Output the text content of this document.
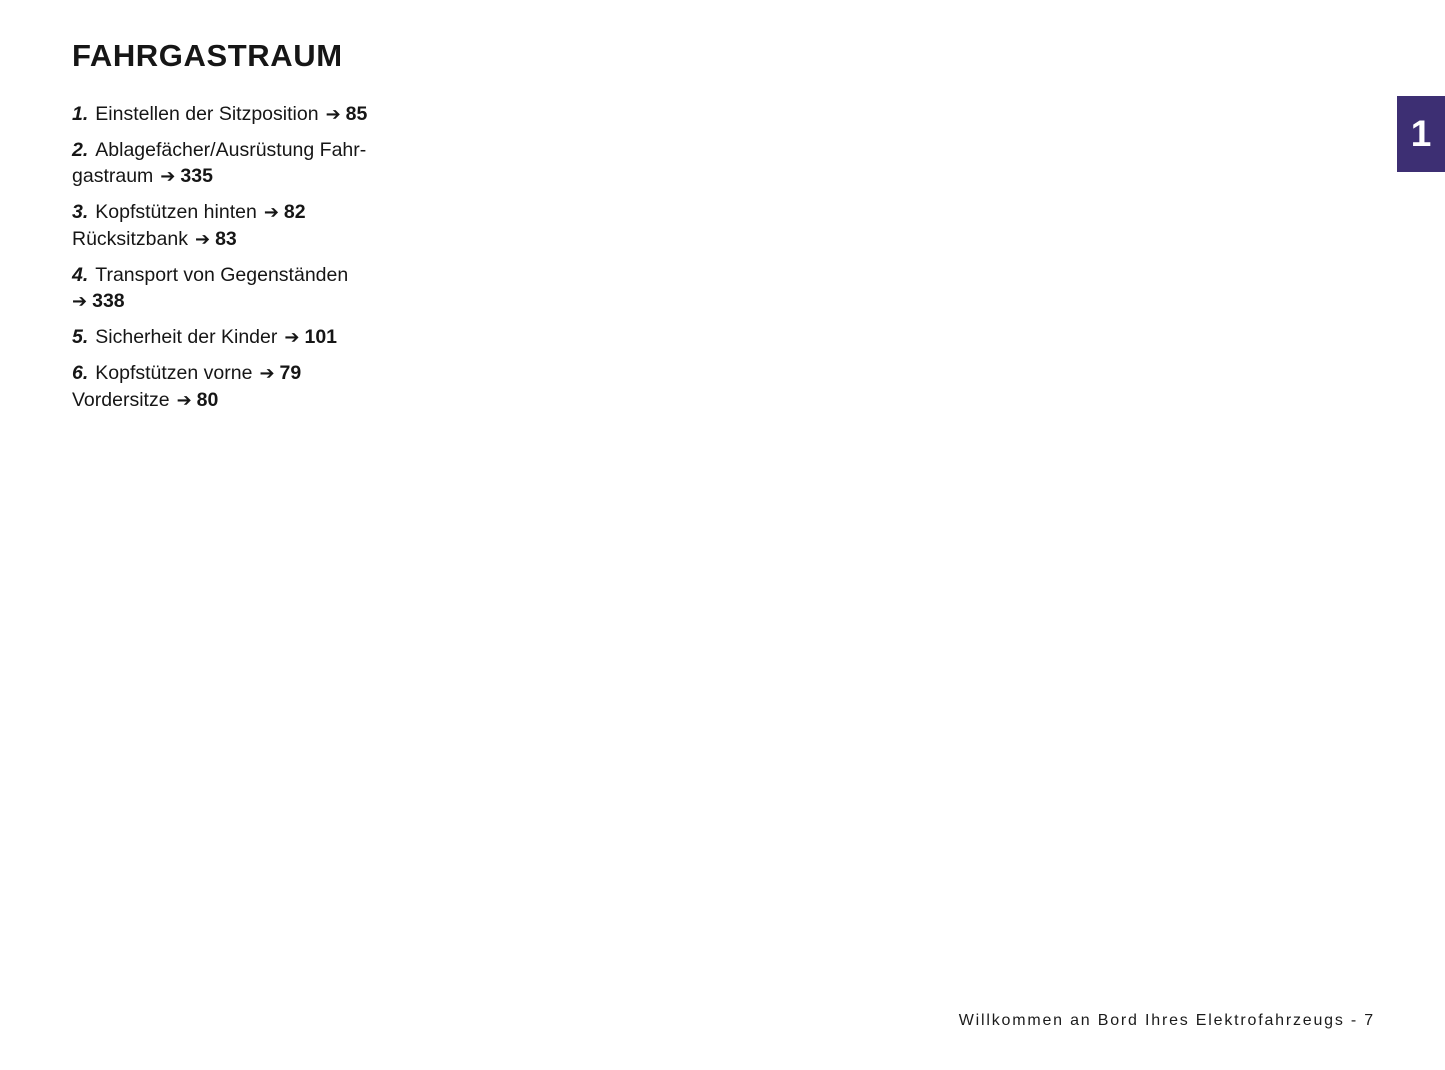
1
FAHRGASTRAUM
1. Einstellen der Sitzposition ➔ 85
2. Ablagefächer/Ausrüstung Fahr-
gastraum ➔ 335
3. Kopfstützen hinten ➔ 82
Rücksitzbank ➔ 83
4. Transport von Gegenständen
➔ 338
5. Sicherheit der Kinder ➔ 101
6. Kopfstützen vorne ➔ 79
Vordersitze ➔ 80
Willkommen an Bord Ihres Elektrofahrzeugs - 7
